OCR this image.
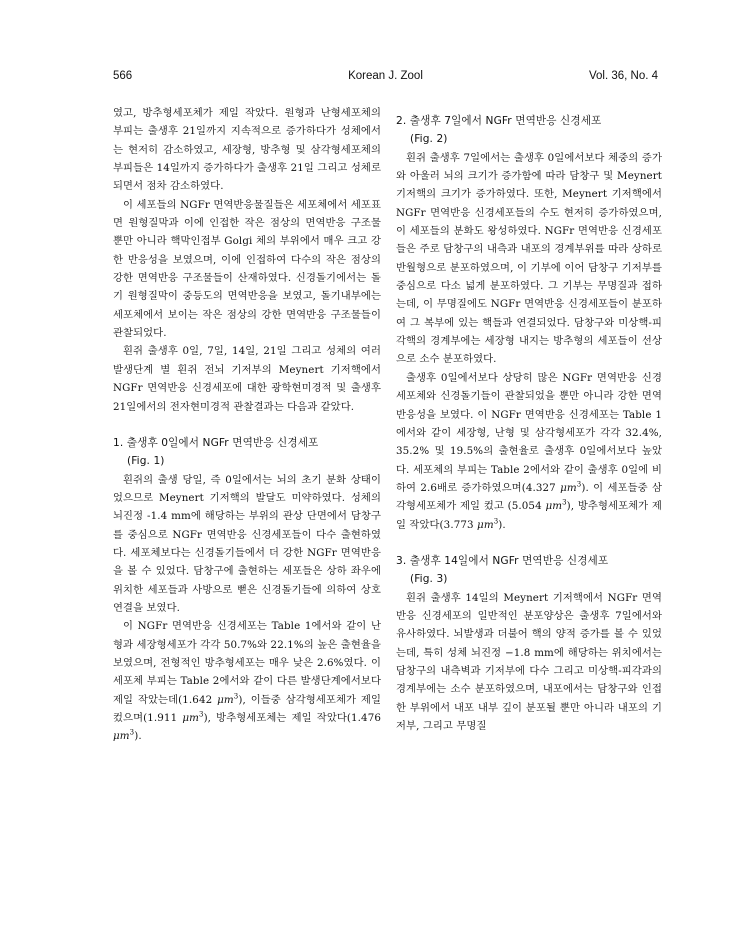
566	Korean J. Zool	Vol. 36, No. 4

였고, 방추형세포체가 제일 작았다. 원형과 난형세포체의 부피는 출생후 21일까지 지속적으로 증가하다가 성체에서는 현저히 감소하였고, 세장형, 방추형 및 삼각형세포체의 부피들은 14일까지 증가하다가 출생후 21일 그리고 성체로 되면서 점차 감소하였다.

이 세포들의 NGFr 면역반응물질들은 세포체에서 세포표면 원형질막과 이에 인접한 작은 점상의 면역반응 구조물 뿐만 아니라 핵막인접부 Golgi 체의 부위에서 매우 크고 강한 반응성을 보였으며, 이에 인접하여 다수의 작은 점상의 강한 면역반응 구조물들이 산재하였다. 신경돌기에서는 돌기 원형질막이 중등도의 면역반응을 보였고, 돌기내부에는 세포체에서 보이는 작은 점상의 강한 면역반응 구조물들이 관찰되었다.

흰쥐 출생후 0일, 7일, 14일, 21일 그리고 성체의 여러 발생단계 별 흰쥐 전뇌 기저부의 Meynert 기저핵에서 NGFr 면역반응 신경세포에 대한 광학현미경적 및 출생후 21일에서의 전자현미경적 관찰결과는 다음과 같았다.

1. 출생후 0일에서 NGFr 면역반응 신경세포
(Fig. 1)

흰쥐의 출생 당일, 즉 0일에서는 뇌의 초기 분화 상태이었으므로 Meynert 기저핵의 발달도 미약하였다. 성체의 뇌진정 -1.4 mm에 해당하는 부위의 관상 단면에서 담창구를 중심으로 NGFr 면역반응 신경세포들이 다수 출현하였다. 세포체보다는 신경돌기들에서 더 강한 NGFr 면역반응을 볼 수 있었다. 담창구에 출현하는 세포들은 상하 좌우에 위치한 세포들과 사방으로 뻗은 신경돌기들에 의하여 상호 연결을 보였다.

이 NGFr 면역반응 신경세포는 Table 1에서와 같이 난형과 세장형세포가 각각 50.7%와 22.1%의 높은 출현율을 보였으며, 전형적인 방추형세포는 매우 낮은 2.6%였다. 이 세포체 부피는 Table 2에서와 같이 다른 발생단계에서보다 제일 작았는데(1.642 $\mu m^3$), 이들중 삼각형세포체가 제일 컸으며(1.911 $\mu m^3$), 방추형세포체는 제일 작았다(1.476 $\mu m^3$).

2. 출생후 7일에서 NGFr 면역반응 신경세포
(Fig. 2)

흰쥐 출생후 7일에서는 출생후 0일에서보다 체중의 증가와 아울러 뇌의 크기가 증가함에 따라 담창구 및 Meynert 기저핵의 크기가 증가하였다. 또한, Meynert 기저핵에서 NGFr 면역반응 신경세포들의 수도 현저히 증가하였으며, 이 세포들의 분화도 왕성하였다. NGFr 면역반응 신경세포들은 주로 담창구의 내측과 내포의 경계부위를 따라 상하로 반월형으로 분포하였으며, 이 기부에 이어 담창구 기저부를 중심으로 다소 넓게 분포하였다. 그 기부는 무명질과 접하는데, 이 무명질에도 NGFr 면역반응 신경세포들이 분포하여 그 복부에 있는 핵들과 연결되었다. 담창구와 미상핵-피각핵의 경계부에는 세장형 내지는 방추형의 세포들이 선상으로 소수 분포하였다.

출생후 0일에서보다 상당히 많은 NGFr 면역반응 신경세포체와 신경돌기들이 관찰되었을 뿐만 아니라 강한 면역반응성을 보였다. 이 NGFr 면역반응 신경세포는 Table 1에서와 같이 세장형, 난형 및 삼각형세포가 각각 32.4%, 35.2% 및 19.5%의 출현율로 출생후 0일에서보다 높았다. 세포체의 부피는 Table 2에서와 같이 출생후 0일에 비하여 2.6배로 증가하였으며(4.327 $\mu m^3$). 이 세포들중 삼각형세포체가 제일 컸고 (5.054 $\mu m^3$), 방추형세포체가 제일 작았다(3.773 $\mu m^3$).

3. 출생후 14일에서 NGFr 면역반응 신경세포
(Fig. 3)

흰쥐 출생후 14일의 Meynert 기저핵에서 NGFr 면역반응 신경세포의 일반적인 분포양상은 출생후 7일에서와 유사하였다. 뇌발생과 더불어 핵의 양적 증가를 볼 수 있었는데, 특히 성체 뇌진정 −1.8 mm에 해당하는 위치에서는 담창구의 내측벽과 기저부에 다수 그리고 미상핵-피각과의 경계부에는 소수 분포하였으며, 내포에서는 담창구와 인접한 부위에서 내포 내부 깊이 분포될 뿐만 아니라 내포의 기저부, 그리고 무명질
